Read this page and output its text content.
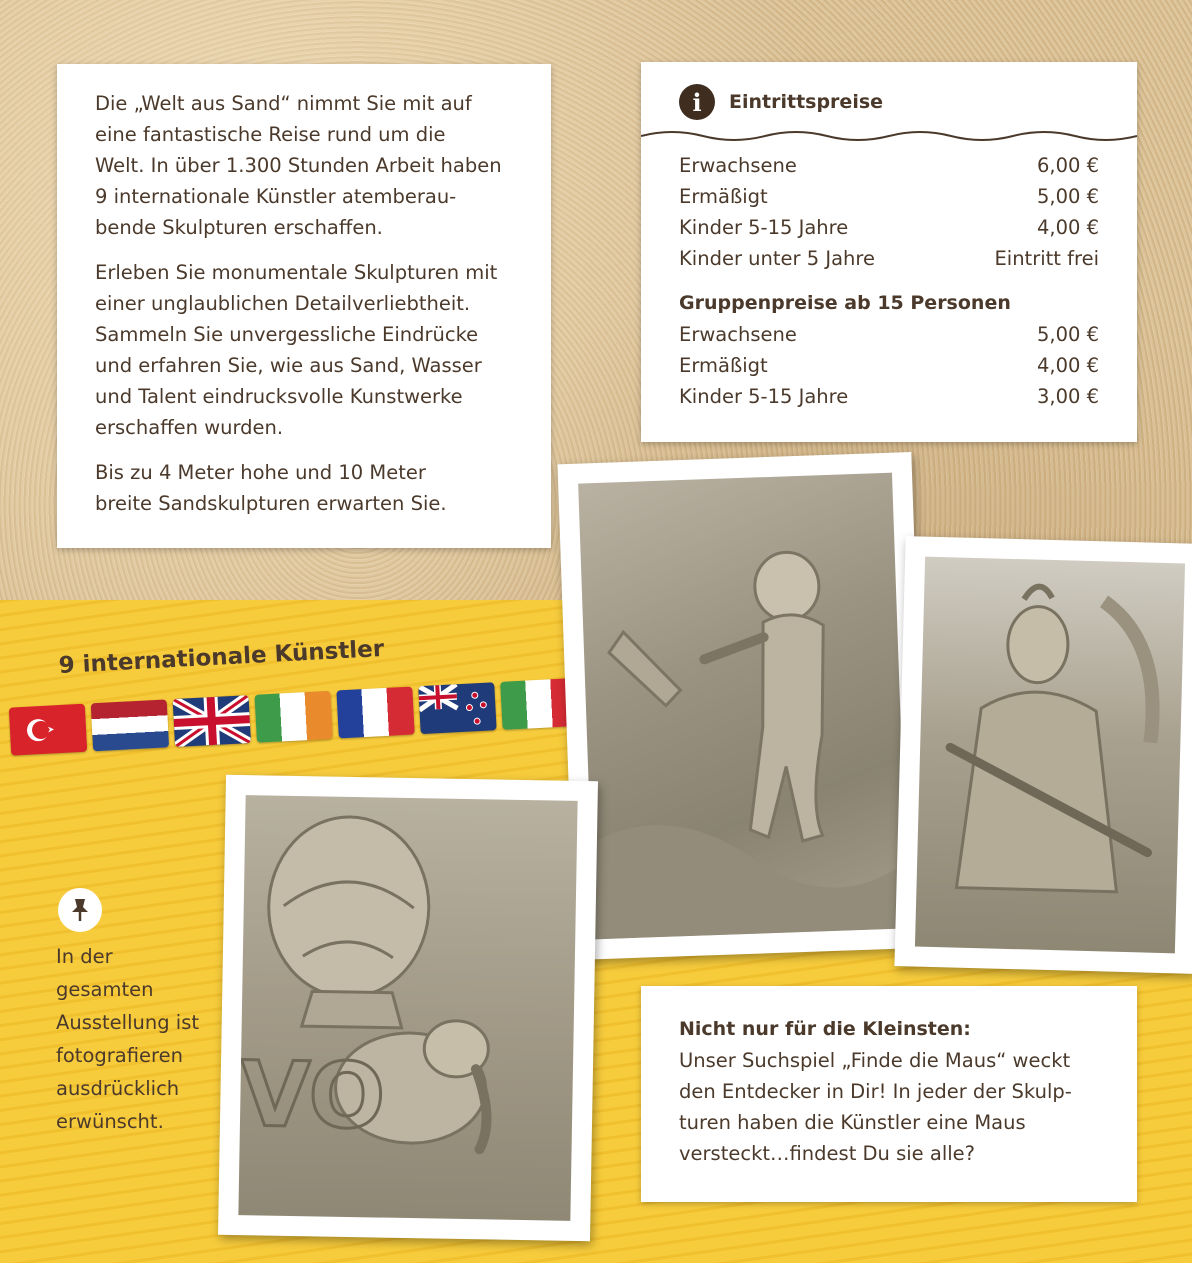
Die „Welt aus Sand“ nimmt Sie mit auf
eine fantastische Reise rund um die
Welt. In über 1.300 Stunden Arbeit haben
9 internationale Künstler atemberau-
bende Skulpturen erschaffen.

Erleben Sie monumentale Skulpturen mit
einer unglaublichen Detailverliebtheit.
Sammeln Sie unvergessliche Eindrücke
und erfahren Sie, wie aus Sand, Wasser
und Talent eindrucksvolle Kunstwerke
erschaffen wurden.

Bis zu 4 Meter hohe und 10 Meter
breite Sandskulpturen erwarten Sie.

i	Eintrittspreise
Erwachsene	6,00 €
Ermäßigt	5,00 €
Kinder 5-15 Jahre	4,00 €
Kinder unter 5 Jahre	Eintritt frei
Gruppenpreise ab 15 Personen
Erwachsene	5,00 €
Ermäßigt	4,00 €
Kinder 5-15 Jahre	3,00 €
9 internationale Künstler
VO
In der
gesamten
Ausstellung ist
fotografieren
ausdrücklich
erwünscht.
Nicht nur für die Kleinsten:
Unser Suchspiel „Finde die Maus“ weckt
den Entdecker in Dir! In jeder der Skulp-
turen haben die Künstler eine Maus
versteckt…findest Du sie alle?
